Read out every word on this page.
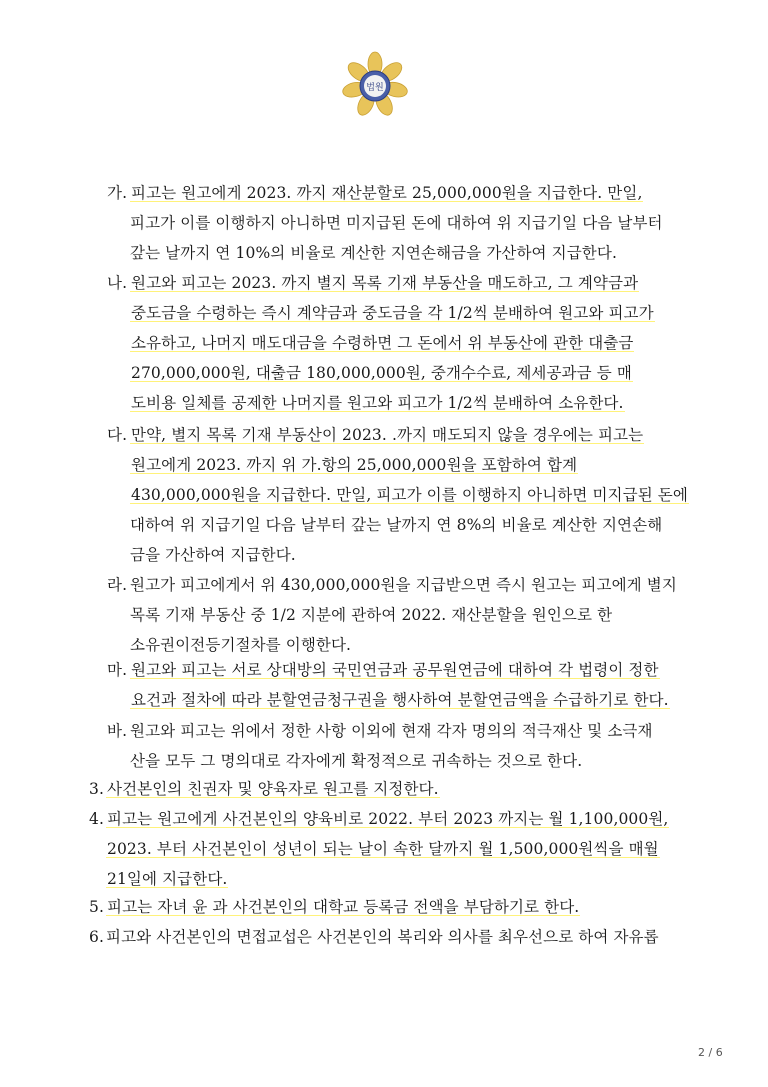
법원
가. 피고는 원고에게 2023. 까지 재산분할로 25,000,000원을 지급한다. 만일,
피고가 이를 이행하지 아니하면 미지급된 돈에 대하여 위 지급기일 다음 날부터
갚는 날까지 연 10%의 비율로 계산한 지연손해금을 가산하여 지급한다.
나. 원고와 피고는 2023. 까지 별지 목록 기재 부동산을 매도하고, 그 계약금과
중도금을 수령하는 즉시 계약금과 중도금을 각 1/2씩 분배하여 원고와 피고가
소유하고, 나머지 매도대금을 수령하면 그 돈에서 위 부동산에 관한 대출금
270,000,000원, 대출금 180,000,000원, 중개수수료, 제세공과금 등 매
도비용 일체를 공제한 나머지를 원고와 피고가 1/2씩 분배하여 소유한다.
다. 만약, 별지 목록 기재 부동산이 2023. .까지 매도되지 않을 경우에는 피고는
원고에게 2023. 까지 위 가.항의 25,000,000원을 포함하여 합계
430,000,000원을 지급한다. 만일, 피고가 이를 이행하지 아니하면 미지급된 돈에
대하여 위 지급기일 다음 날부터 갚는 날까지 연 8%의 비율로 계산한 지연손해
금을 가산하여 지급한다.
라. 원고가 피고에게서 위 430,000,000원을 지급받으면 즉시 원고는 피고에게 별지
목록 기재 부동산 중 1/2 지분에 관하여 2022. 재산분할을 원인으로 한
소유권이전등기절차를 이행한다.
마. 원고와 피고는 서로 상대방의 국민연금과 공무원연금에 대하여 각 법령이 정한
요건과 절차에 따라 분할연금청구권을 행사하여 분할연금액을 수급하기로 한다.
바. 원고와 피고는 위에서 정한 사항 이외에 현재 각자 명의의 적극재산 및 소극재
산을 모두 그 명의대로 각자에게 확정적으로 귀속하는 것으로 한다.
3. 사건본인의 친권자 및 양육자로 원고를 지정한다.
4. 피고는 원고에게 사건본인의 양육비로 2022. 부터 2023 까지는 월 1,100,000원,
2023. 부터 사건본인이 성년이 되는 날이 속한 달까지 월 1,500,000원씩을 매월
21일에 지급한다.
5. 피고는 자녀 윤 과 사건본인의 대학교 등록금 전액을 부담하기로 한다.
6. 피고와 사건본인의 면접교섭은 사건본인의 복리와 의사를 최우선으로 하여 자유롭
2 / 6
